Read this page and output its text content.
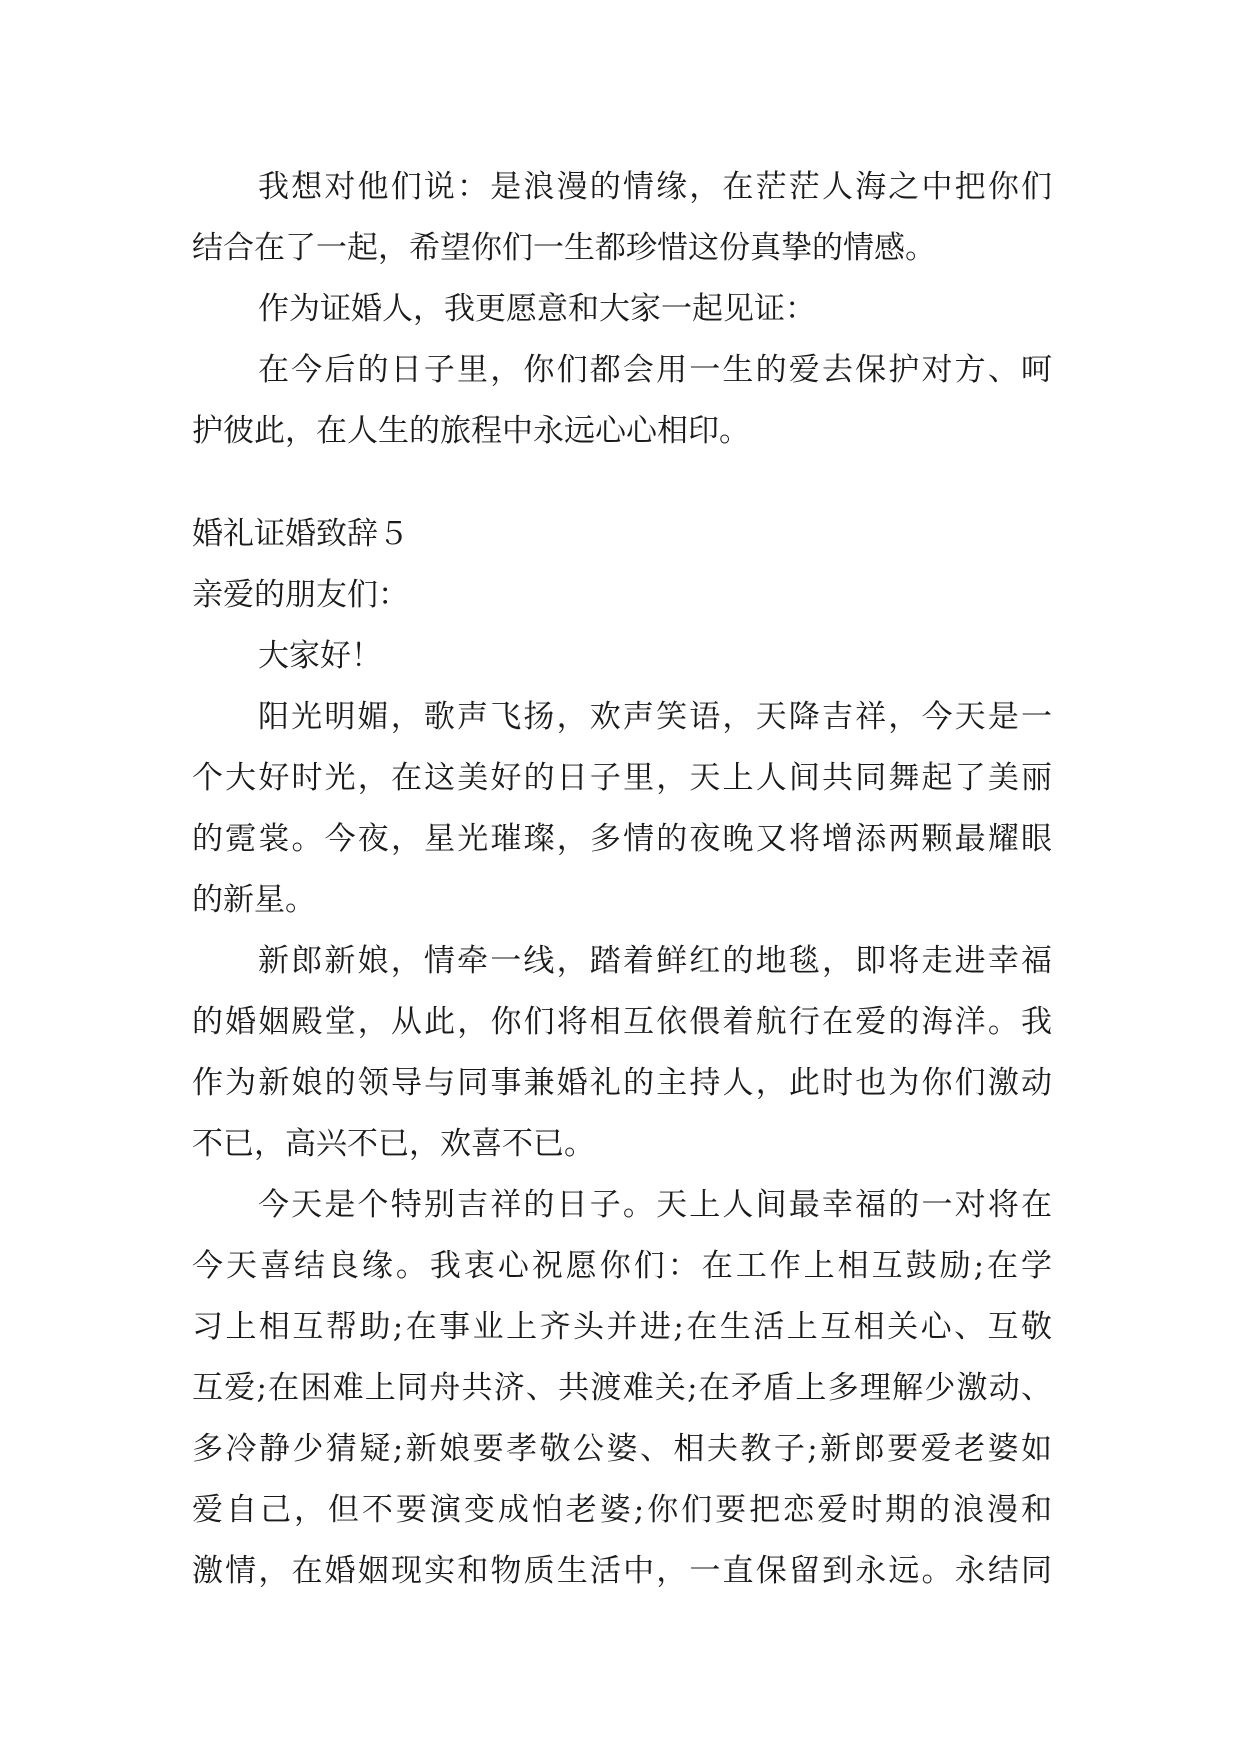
我想对他们说：是浪漫的情缘，在茫茫人海之中把你们
结合在了一起，希望你们一生都珍惜这份真挚的情感。
作为证婚人，我更愿意和大家一起见证：
在今后的日子里，你们都会用一生的爱去保护对方、呵
护彼此，在人生的旅程中永远心心相印。
婚礼证婚致辞５
亲爱的朋友们：
大家好！
阳光明媚，歌声飞扬，欢声笑语，天降吉祥，今天是一
个大好时光，在这美好的日子里，天上人间共同舞起了美丽
的霓裳。今夜，星光璀璨，多情的夜晚又将增添两颗最耀眼
的新星。
新郎新娘，情牵一线，踏着鲜红的地毯，即将走进幸福
的婚姻殿堂，从此，你们将相互依偎着航行在爱的海洋。我
作为新娘的领导与同事兼婚礼的主持人，此时也为你们激动
不已，高兴不已，欢喜不已。
今天是个特别吉祥的日子。天上人间最幸福的一对将在
今天喜结良缘。我衷心祝愿你们：在工作上相互鼓励;在学
习上相互帮助;在事业上齐头并进;在生活上互相关心、互敬
互爱;在困难上同舟共济、共渡难关;在矛盾上多理解少激动、
多冷静少猜疑;新娘要孝敬公婆、相夫教子;新郎要爱老婆如
爱自己，但不要演变成怕老婆;你们要把恋爱时期的浪漫和
激情，在婚姻现实和物质生活中，一直保留到永远。永结同
